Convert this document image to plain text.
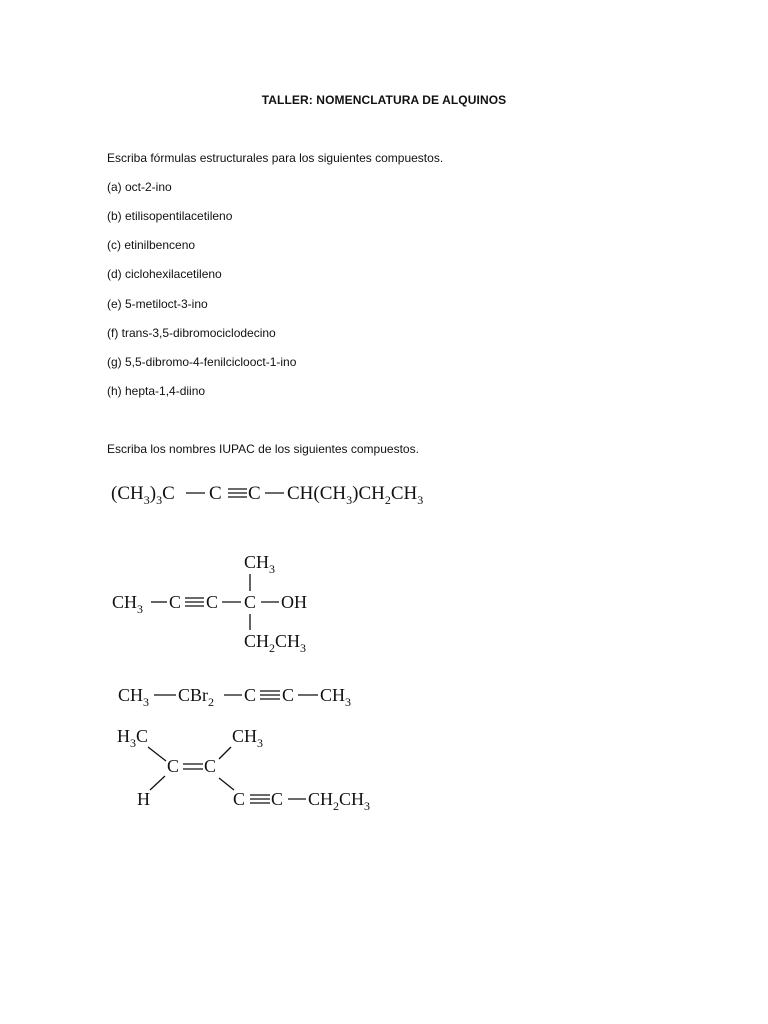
TALLER: NOMENCLATURA DE ALQUINOS
Escriba fórmulas estructurales para los siguientes compuestos.
(a) oct-2-ino
(b) etilisopentilacetileno
(c) etinilbenceno
(d) ciclohexilacetileno
(e) 5-metiloct-3-ino
(f) trans-3,5-dibromociclodecino
(g) 5,5-dibromo-4-fenilciclooct-1-ino
(h) hepta-1,4-diino
Escriba los nombres IUPAC de los siguientes compuestos.
$(CH_3)_3C$ C C $CH(CH_3)CH_2CH_3$
$CH_3$
$CH_3$ C C C OH
$CH_2CH_3$
$CH_3$ CBr$_2$ C C $CH_3$
$H_3C$	$CH_3$
C C
H	C C $CH_2CH_3$
